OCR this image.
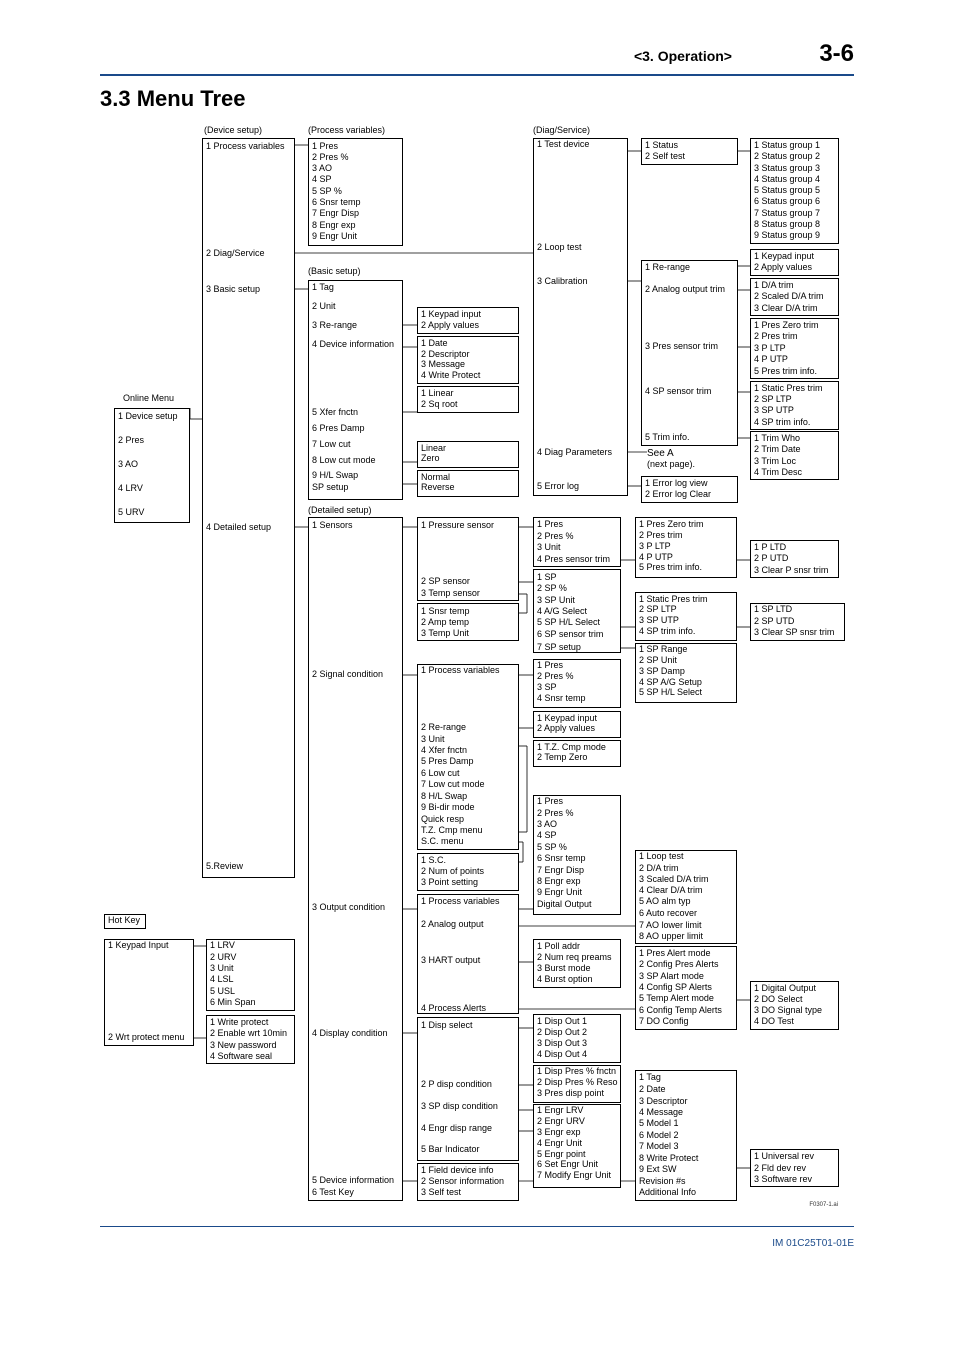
<3. Operation>	3-6
3.3 Menu Tree
1 Device setup
2 Pres
3 AO
4 LRV
5 URV
1 Process variables
2 Diag/Service
3 Basic setup
4 Detailed setup
5.Review
1 Pres
2 Pres %
3 AO
4 SP
5 SP %
6 Snsr temp
7 Engr Disp
8 Engr exp
9 Engr Unit
1 Tag
2 Unit
3 Re-range
4 Device information
5 Xfer fnctn
6 Pres Damp
7 Low cut
8 Low cut mode
9 H/L Swap
SP setup
1 Keypad input
2 Apply values
1 Date
2 Descriptor
3 Message
4 Write Protect
1 Linear
2 Sq root
Linear
Zero
Normal
Reverse
1 Test device
2 Loop test
3 Calibration
4 Diag Parameters
5 Error log
1 Status
2 Self test
1 Status group 1
2 Status group 2
3 Status group 3
4 Status group 4
5 Status group 5
6 Status group 6
7 Status group 7
8 Status group 8
9 Status group 9
1 Re-range
2 Analog output trim
3 Pres sensor trim
4 SP sensor trim
5 Trim info.
1 Keypad input
2 Apply values
1 D/A trim
2 Scaled D/A trim
3 Clear D/A trim
1 Pres Zero trim
2 Pres trim
3 P LTP
4 P UTP
5 Pres trim info.
1 Static Pres trim
2 SP LTP
3 SP UTP
4 SP trim info.
1 Trim Who
2 Trim Date
3 Trim Loc
4 Trim Desc
1 Error log view
2 Error log Clear
1 Sensors
2 Signal condition
3 Output condition
4 Display condition
5 Device information
6 Test Key
1 Pressure sensor
2 SP sensor
3 Temp sensor
1 Snsr temp
2 Amp temp
3 Temp Unit
1 Pres
2 Pres %
3 Unit
4 Pres sensor trim
1 Pres Zero trim
2 Pres trim
3 P LTP
4 P UTP
5 Pres trim info.
1 P LTD
2 P UTD
3 Clear P snsr trim
1 SP
2 SP %
3 SP Unit
4 A/G Select
5 SP H/L Select
6 SP sensor trim
7 SP setup
1 Static Pres trim
2 SP LTP
3 SP UTP
4 SP trim info.
1 SP LTD
2 SP UTD
3 Clear SP snsr trim
1 SP Range
2 SP Unit
3 SP Damp
4 SP A/G Setup
5 SP H/L Select
1 Process variables
2 Re-range
3 Unit
4 Xfer fnctn
5 Pres Damp
6 Low cut
7 Low cut mode
8 H/L Swap
9 Bi-dir mode
Quick resp
T.Z. Cmp menu
S.C. menu
1 Pres
2 Pres %
3 SP
4 Snsr temp
1 Keypad input
2 Apply values
1 T.Z. Cmp mode
2 Temp Zero
1 S.C.
2 Num of points
3 Point setting
1 Pres
2 Pres %
3 AO
4 SP
5 SP %
6 Snsr temp
7 Engr Disp
8 Engr exp
9 Engr Unit
Digital Output
1 Process variables
2 Analog output
3 HART output
4 Process Alerts
1 Loop test
2 D/A trim
3 Scaled D/A trim
4 Clear D/A trim
5 AO alm typ
6 Auto recover
7 AO lower limit
8 AO upper limit
1 Poll addr
2 Num req preams
3 Burst mode
4 Burst option
1 Pres Alert mode
2 Config Pres Alerts
3 SP Alart mode
4 Config SP Alerts
5 Temp Alert mode
6 Config Temp Alerts
7 DO Config
1 Digital Output
2 DO Select
3 DO Signal type
4 DO Test
1 Disp select
2 P disp condition
3 SP disp condition
4 Engr disp range
5 Bar Indicator
1 Disp Out 1
2 Disp Out 2
3 Disp Out 3
4 Disp Out 4
1 Disp Pres % fnctn
2 Disp Pres % Reso
3 Pres disp point
1 Engr LRV
2 Engr URV
3 Engr exp
4 Engr Unit
5 Engr point
6 Set Engr Unit
7 Modify Engr Unit
1 Field device info
2 Sensor information
3 Self test
1 Tag
2 Date
3 Descriptor
4 Message
5 Model 1
6 Model 2
7 Model 3
8 Write Protect
9 Ext SW
Revision #s
Additional Info
1 Universal rev
2 Fld dev rev
3 Software rev
Hot Key
1 Keypad Input
2 Wrt protect menu
1 LRV
2 URV
3 Unit
4 LSL
5 USL
6 Min Span
1 Write protect
2 Enable wrt 10min
3 New password
4 Software seal
(Device setup)	(Process variables)	(Diag/Service)
(Basic setup)
(Detailed setup)
Online Menu
See A
(next page).
F0307-1.ai
IM 01C25T01-01E
